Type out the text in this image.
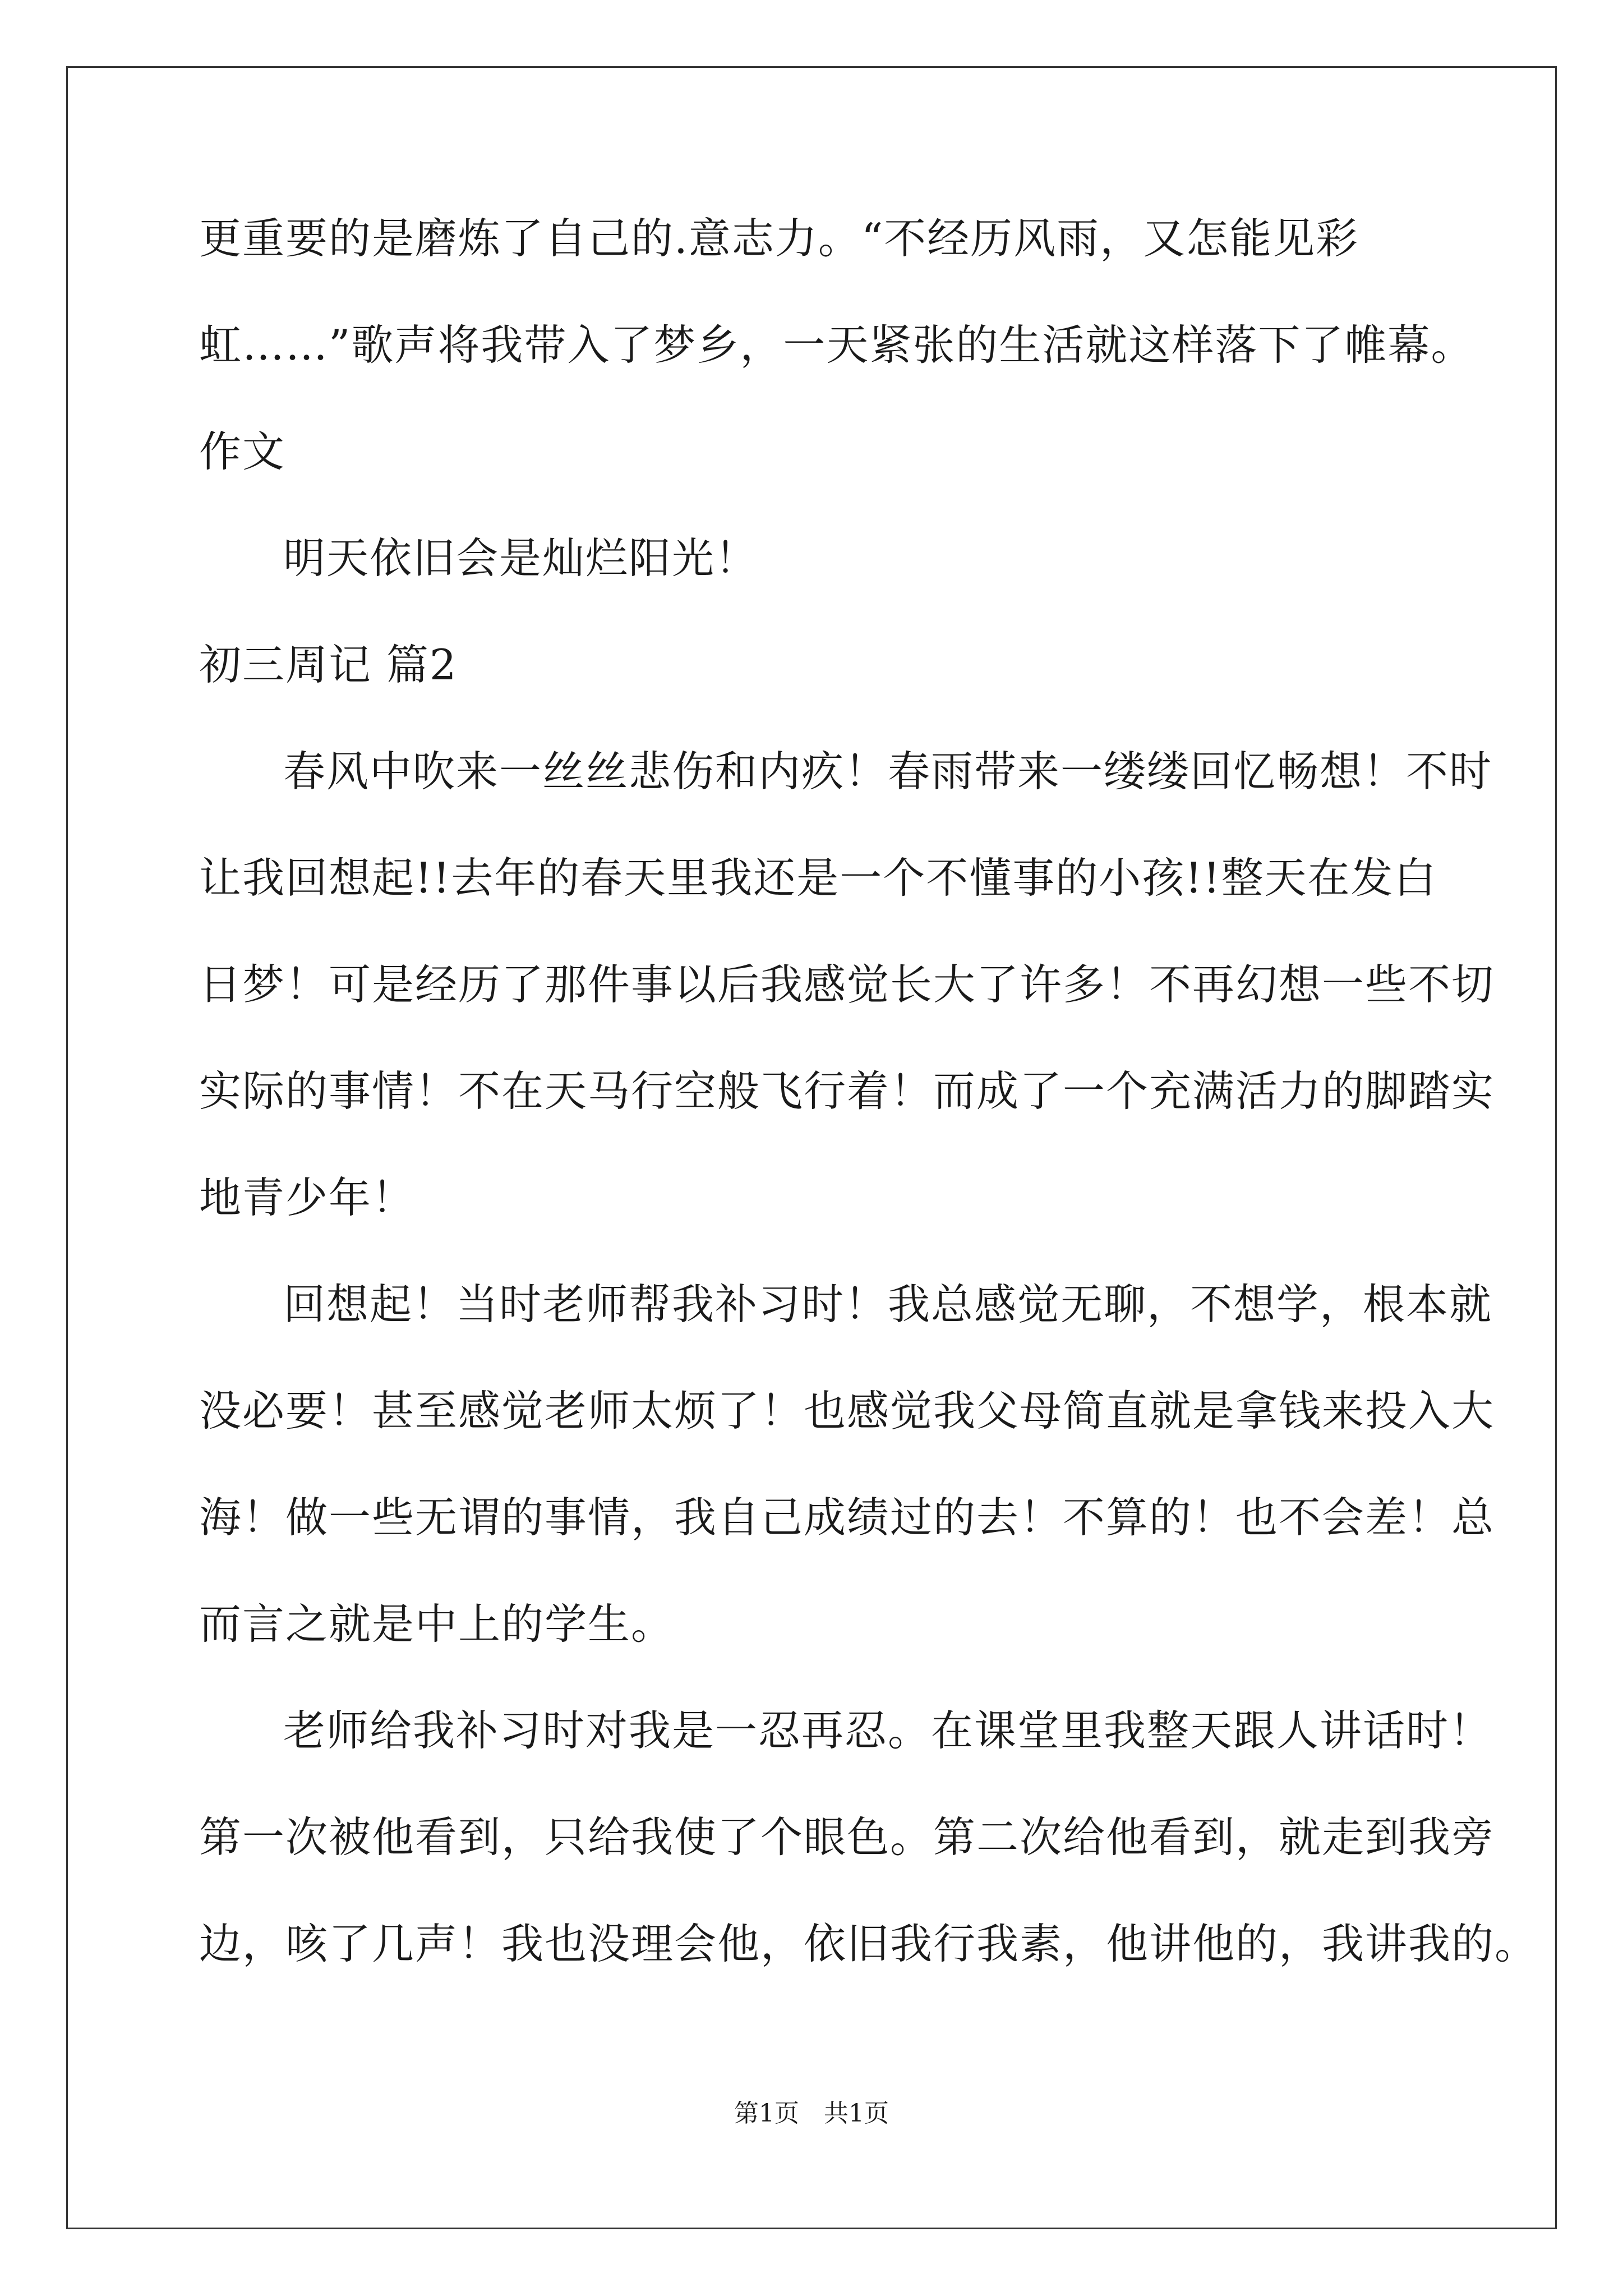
更重要的是磨炼了自己的.意志力。“不经历风雨，又怎能见彩
虹……”歌声将我带入了梦乡，一天紧张的生活就这样落下了帷幕。
作文
明天依旧会是灿烂阳光！
初三周记 篇2
春风中吹来一丝丝悲伤和内疚！春雨带来一缕缕回忆畅想！不时
让我回想起!!去年的春天里我还是一个不懂事的小孩!!整天在发白
日梦！可是经历了那件事以后我感觉长大了许多！不再幻想一些不切
实际的事情！不在天马行空般飞行着！而成了一个充满活力的脚踏实
地青少年！
回想起！当时老师帮我补习时！我总感觉无聊，不想学，根本就
没必要！甚至感觉老师太烦了！也感觉我父母简直就是拿钱来投入大
海！做一些无谓的事情，我自己成绩过的去！不算的！也不会差！总
而言之就是中上的学生。
老师给我补习时对我是一忍再忍。在课堂里我整天跟人讲话时！
第一次被他看到，只给我使了个眼色。第二次给他看到，就走到我旁
边，咳了几声！我也没理会他，依旧我行我素，他讲他的，我讲我的。
第1页　共1页
